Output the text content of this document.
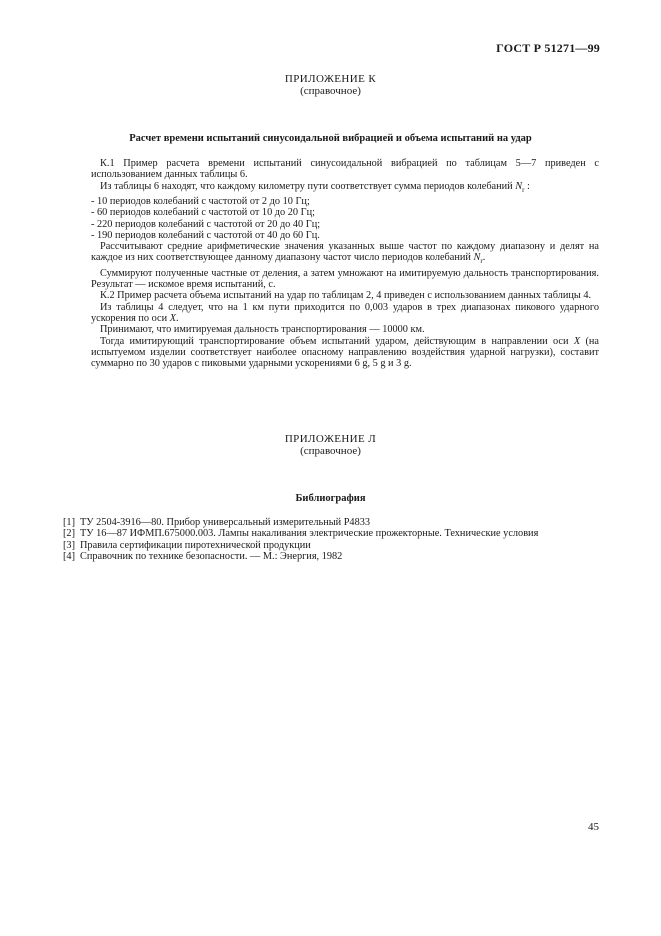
ГОСТ Р 51271—99
ПРИЛОЖЕНИЕ К
(справочное)
Расчет времени испытаний синусоидальной вибрацией и объема испытаний на удар

К.1 Пример расчета времени испытаний синусоидальной вибрацией по таблицам 5—7 приведен с использованием данных таблицы 6.

Из таблицы 6 находят, что каждому километру пути соответствует сумма периодов колебаний $N_r$ :

- 10 периодов колебаний с частотой от 2 до 10 Гц;

- 60 периодов колебаний с частотой от 10 до 20 Гц;

- 220 периодов колебаний с частотой от 20 до 40 Гц;

- 190 периодов колебаний с частотой от 40 до 60 Гц.

Рассчитывают средние арифметические значения указанных выше частот по каждому диапазону и делят на каждое из них соответствующее данному диапазону частот число периодов колебаний $N_r$.

Суммируют полученные частные от деления, а затем умножают на имитируемую дальность транспортирования. Результат — искомое время испытаний, с.

К.2 Пример расчета объема испытаний на удар по таблицам 2, 4 приведен с использованием данных таблицы 4.

Из таблицы 4 следует, что на 1 км пути приходится по 0,003 ударов в трех диапазонах пикового ударного ускорения по оси X.

Принимают, что имитируемая дальность транспортирования — 10000 км.

Тогда имитирующий транспортирование объем испытаний ударом, действующим в направлении оси X (на испытуемом изделии соответствует наиболее опасному направлению воздействия ударной нагрузки), составит суммарно по 30 ударов с пиковыми ударными ускорениями 6 g, 5 g и 3 g.

ПРИЛОЖЕНИЕ Л
(справочное)
Библиография
[1] ТУ 2504-3916—80. Прибор универсальный измерительный Р4833
[2] ТУ 16—87 ИФМП.675000.003. Лампы накаливания электрические прожекторные. Технические условия
[3] Правила сертификации пиротехнической продукции
[4] Справочник по технике безопасности. — М.: Энергия, 1982
45
